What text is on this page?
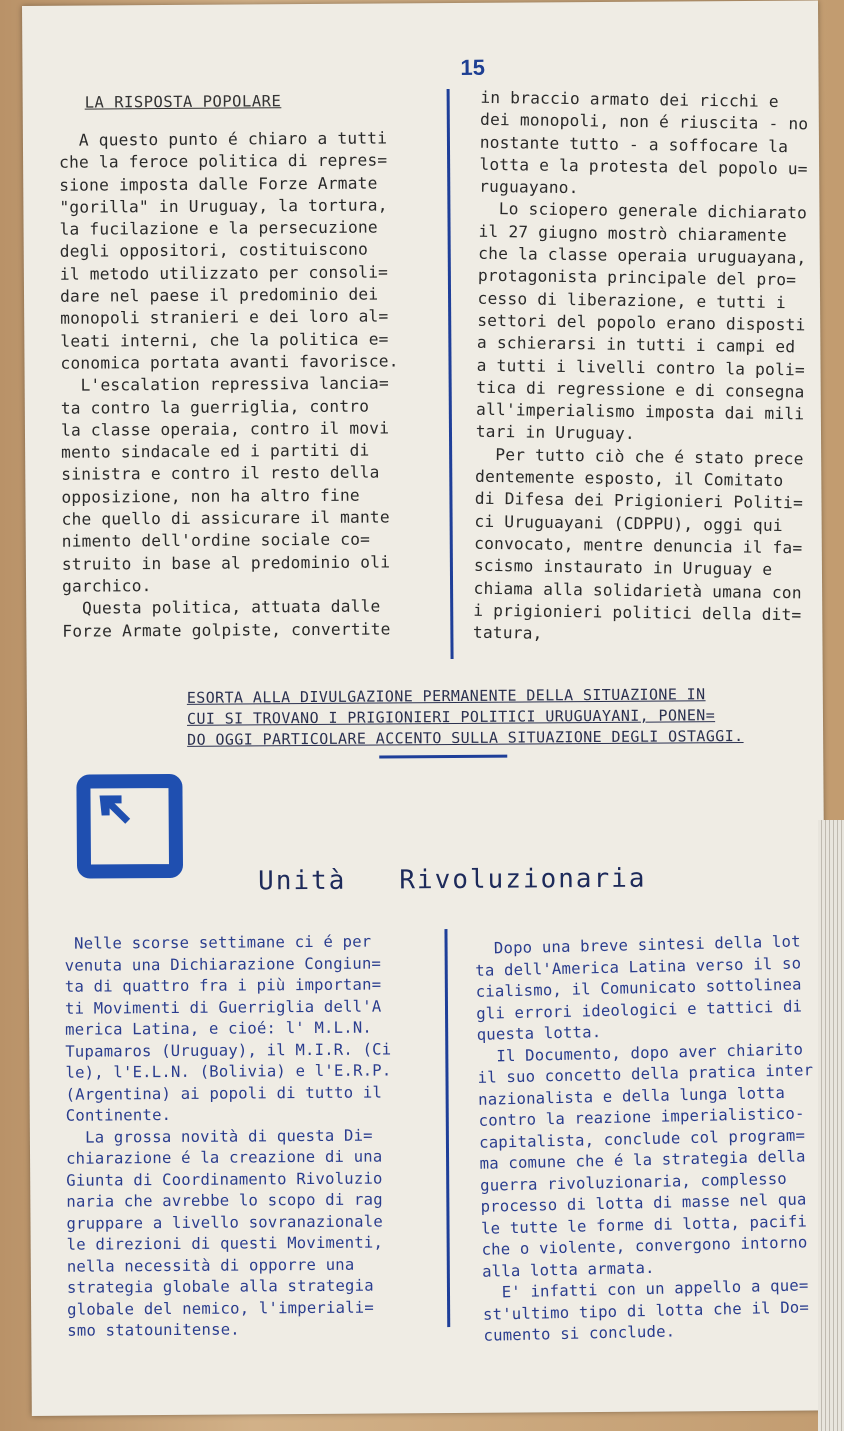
15
LA RISPOSTA POPOLARE
A questo punto é chiaro a tutti
che la feroce politica di repres=
sione imposta dalle Forze Armate
"gorilla" in Uruguay, la tortura,
la fucilazione e la persecuzione
degli oppositori, costituiscono
il metodo utilizzato per consoli=
dare nel paese il predominio dei
monopoli stranieri e dei loro al=
leati interni, che la politica e=
conomica portata avanti favorisce.
L'escalation repressiva lancia=
ta contro la guerriglia, contro
la classe operaia, contro il movi
mento sindacale ed i partiti di
sinistra e contro il resto della
opposizione, non ha altro fine
che quello di assicurare il mante
nimento dell'ordine sociale co=
struito in base al predominio oli
garchico.
Questa politica, attuata dalle
Forze Armate golpiste, convertite
in braccio armato dei ricchi e
dei monopoli, non é riuscita - no
nostante tutto - a soffocare la
lotta e la protesta del popolo u=
ruguayano.
Lo sciopero generale dichiarato
il 27 giugno mostrò chiaramente
che la classe operaia uruguayana,
protagonista principale del pro=
cesso di liberazione, e tutti i
settori del popolo erano disposti
a schierarsi in tutti i campi ed
a tutti i livelli contro la poli=
tica di regressione e di consegna
all'imperialismo imposta dai mili
tari in Uruguay.
Per tutto ciò che é stato prece
dentemente esposto, il Comitato
di Difesa dei Prigionieri Politi=
ci Uruguayani (CDPPU), oggi qui
convocato, mentre denuncia il fa=
scismo instaurato in Uruguay e
chiama alla solidarietà umana con
i prigionieri politici della dit=
tatura,
ESORTA ALLA DIVULGAZIONE PERMANENTE DELLA SITUAZIONE IN
CUI SI TROVANO I PRIGIONIERI POLITICI URUGUAYANI, PONEN=
DO OGGI PARTICOLARE ACCENTO SULLA SITUAZIONE DEGLI OSTAGGI.
Unità   Rivoluzionaria
Nelle scorse settimane ci é per
venuta una Dichiarazione Congiun=
ta di quattro fra i più importan=
ti Movimenti di Guerriglia dell'A
merica Latina, e cioé: l' M.L.N.
Tupamaros (Uruguay), il M.I.R. (Ci
le), l'E.L.N. (Bolivia) e l'E.R.P.
(Argentina) ai popoli di tutto il
Continente.
La grossa novità di questa Di=
chiarazione é la creazione di una
Giunta di Coordinamento Rivoluzio
naria che avrebbe lo scopo di rag
gruppare a livello sovranazionale
le direzioni di questi Movimenti,
nella necessità di opporre una
strategia globale alla strategia
globale del nemico, l'imperiali=
smo statounitense.
Dopo una breve sintesi della lot
ta dell'America Latina verso il so
cialismo, il Comunicato sottolinea
gli errori ideologici e tattici di
questa lotta.
Il Documento, dopo aver chiarito
il suo concetto della pratica inter
nazionalista e della lunga lotta
contro la reazione imperialistico-
capitalista, conclude col program=
ma comune che é la strategia della
guerra rivoluzionaria, complesso
processo di lotta di masse nel qua
le tutte le forme di lotta, pacifi
che o violente, convergono intorno
alla lotta armata.
E' infatti con un appello a que=
st'ultimo tipo di lotta che il Do=
cumento si conclude.
